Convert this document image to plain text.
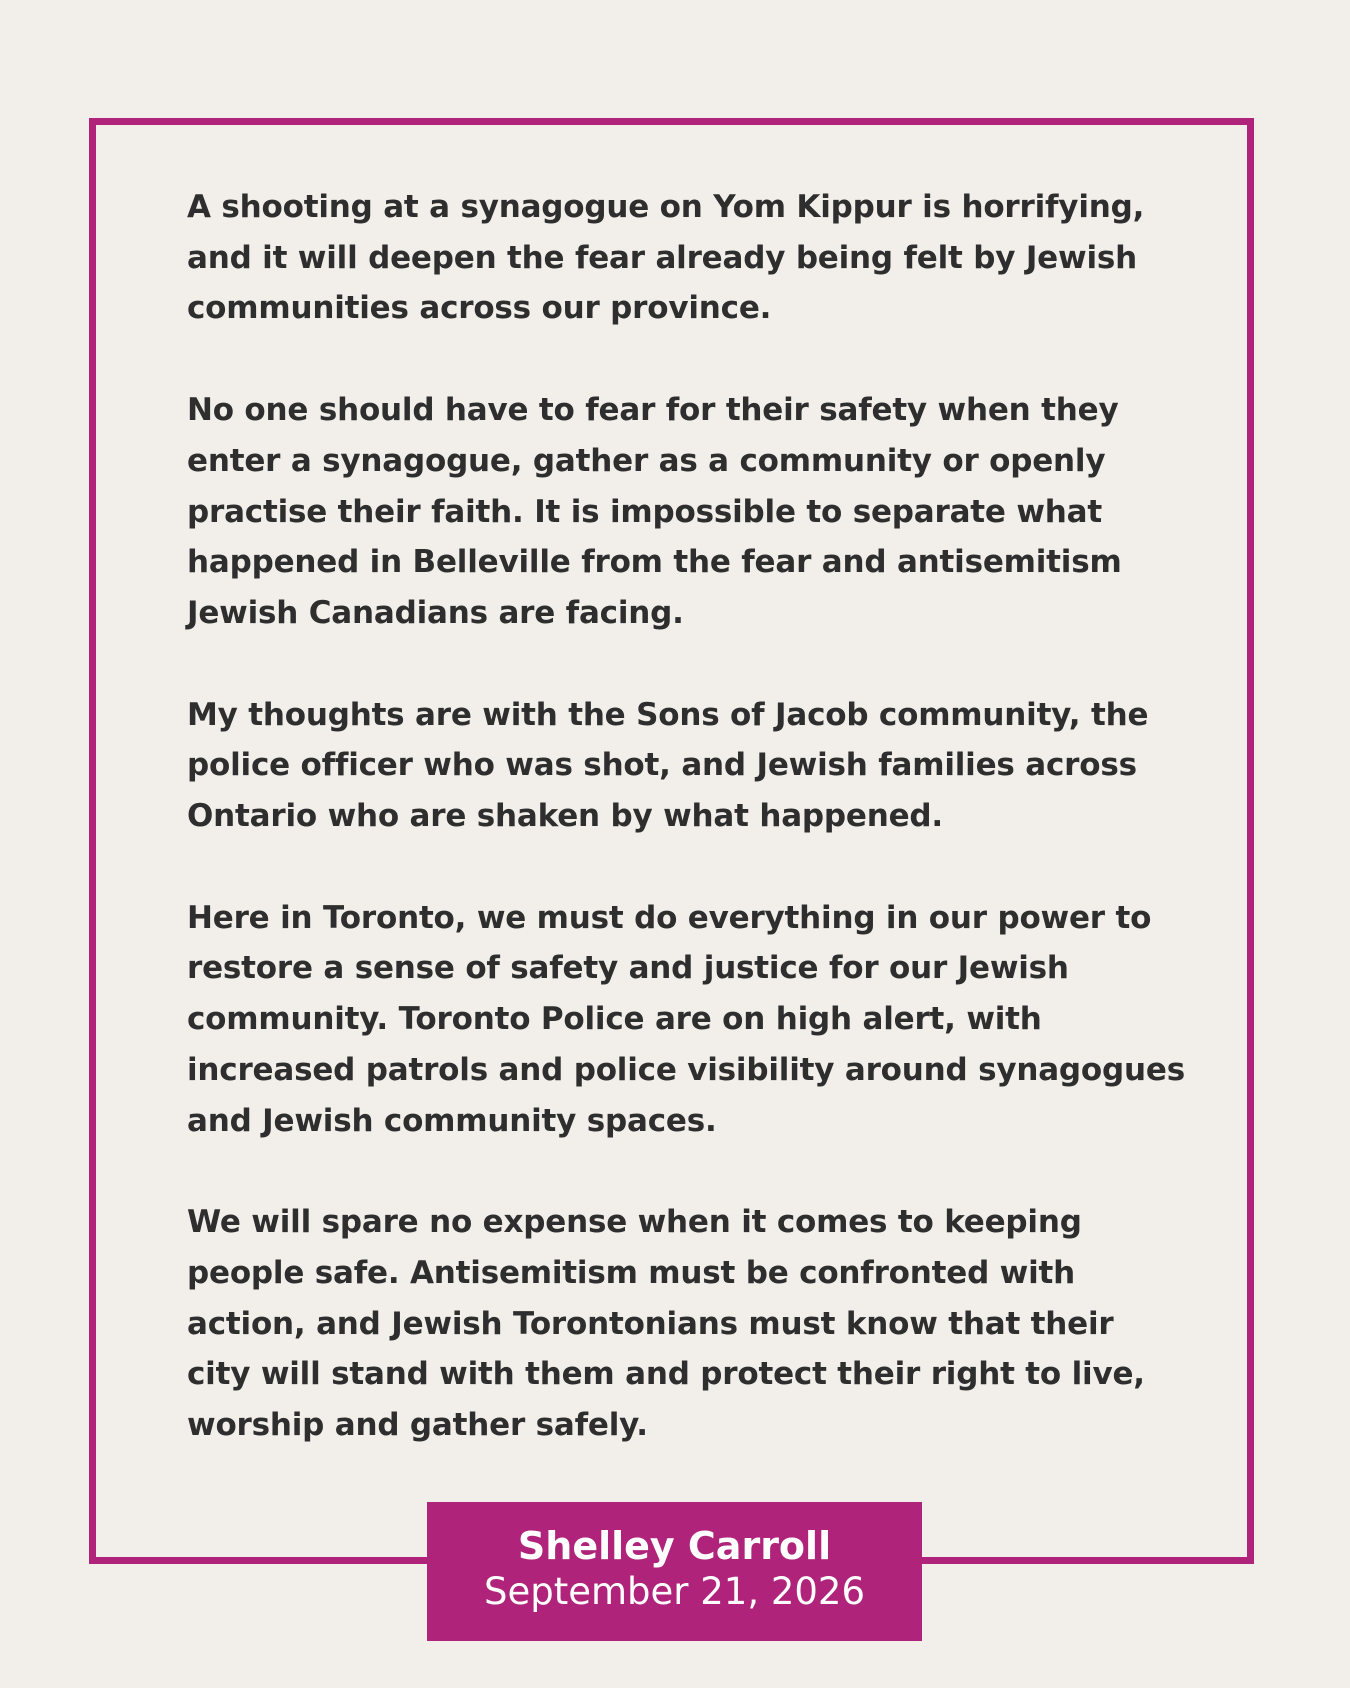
A shooting at a synagogue on Yom Kippur is horrifying, and it will deepen the fear already being felt by Jewish communities across our province.

No one should have to fear for their safety when they enter a synagogue, gather as a community or openly practise their faith. It is impossible to separate what happened in Belleville from the fear and antisemitism Jewish Canadians are facing.

My thoughts are with the Sons of Jacob community, the police officer who was shot, and Jewish families across Ontario who are shaken by what happened.

Here in Toronto, we must do everything in our power to restore a sense of safety and justice for our Jewish community. Toronto Police are on high alert, with increased patrols and police visibility around synagogues and Jewish community spaces.

We will spare no expense when it comes to keeping people safe. Antisemitism must be confronted with action, and Jewish Torontonians must know that their city will stand with them and protect their right to live, worship and gather safely.

Shelley Carroll
September 21, 2026
